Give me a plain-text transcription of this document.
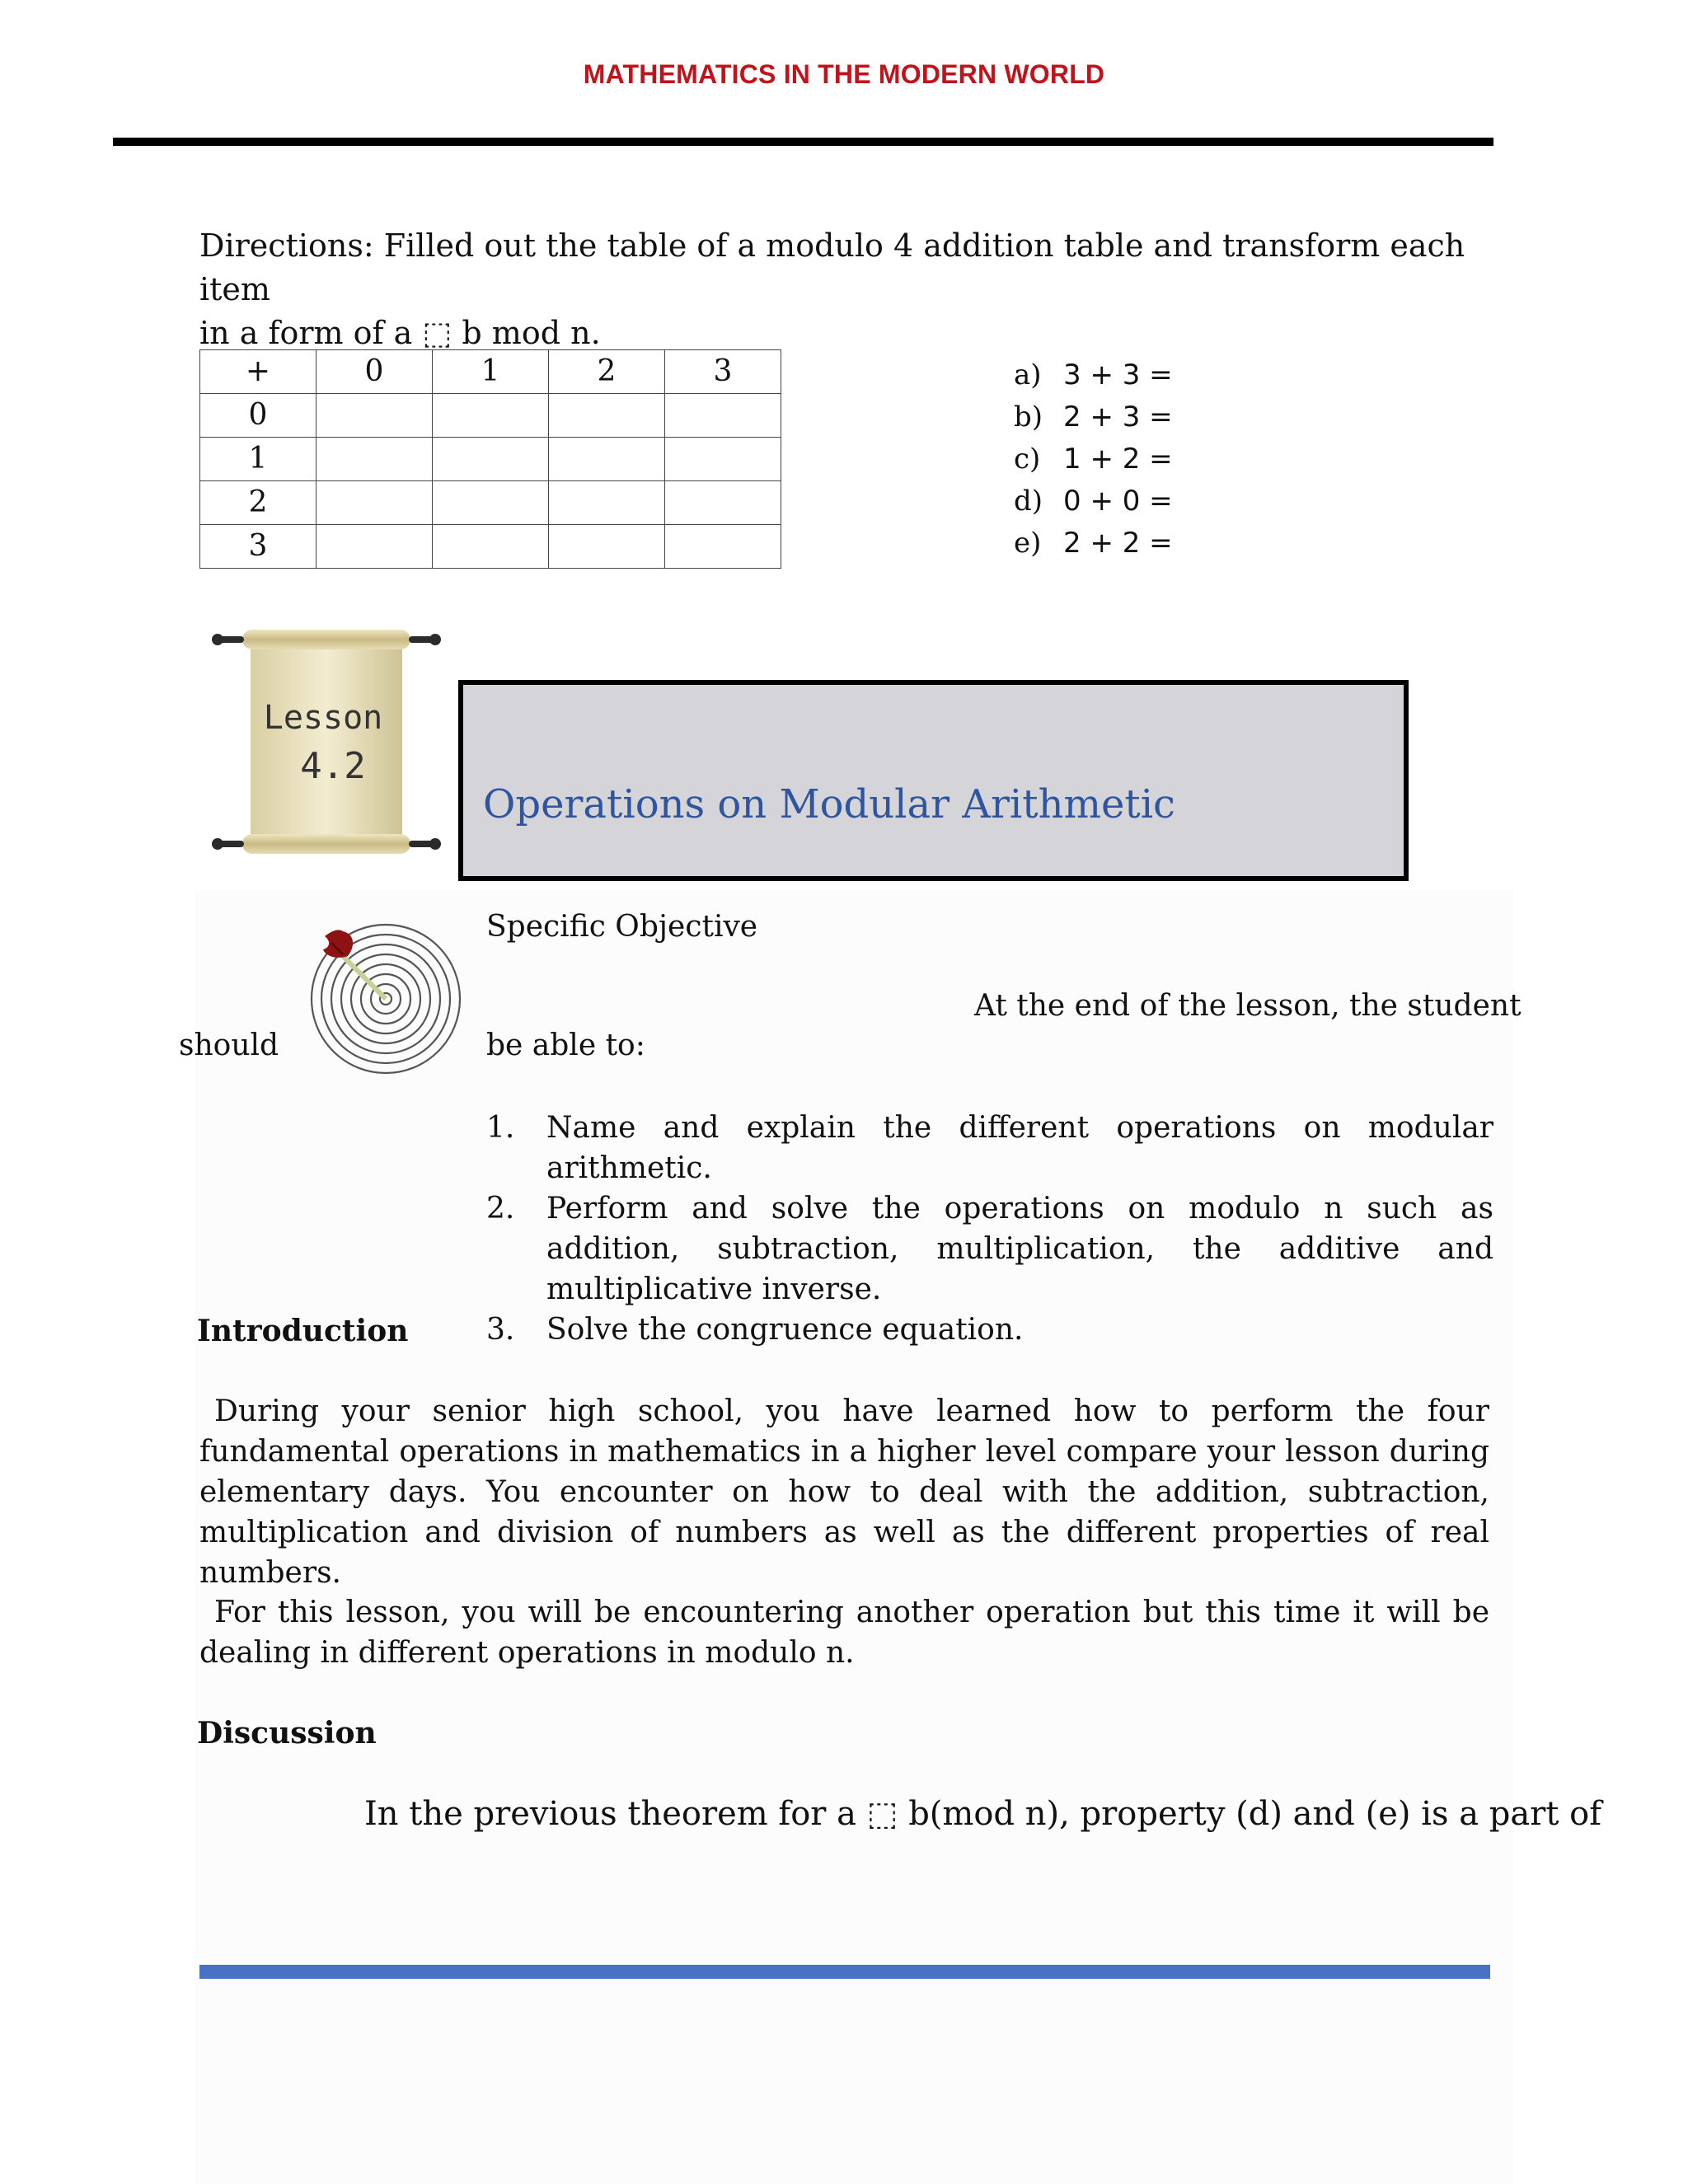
MATHEMATICS IN THE MODERN WORLD
Directions: Filled out the table of a modulo 4 addition table and transform each item
in a form of a ⬚ b mod n.
+	0	1	2	3
0				
1				
2				
3				
a) 3 + 3 =
b) 2 + 3 =
c) 1 + 2 =
d) 0 + 0 =
e) 2 + 2 =
Lesson
4.2
Operations on Modular Arithmetic
Specific Objective
At the end of the lesson, the student
should	be able to:
1.	Name and explain the different operations on modular arithmetic.
2.	Perform and solve the operations on modulo n such as addition, subtraction, multiplication, the additive and multiplicative inverse.
3.	Solve the congruence equation.
Introduction
During your senior high school, you have learned how to perform the four fundamental operations in mathematics in a higher level compare your lesson during elementary days. You encounter on how to deal with the addition, subtraction, multiplication and division of numbers as well as the different properties of real numbers.
For this lesson, you will be encountering another operation but this time it will be dealing in different operations in modulo n.
Discussion
In the previous theorem for a ⬚ b(mod n), property (d) and (e) is a part of
